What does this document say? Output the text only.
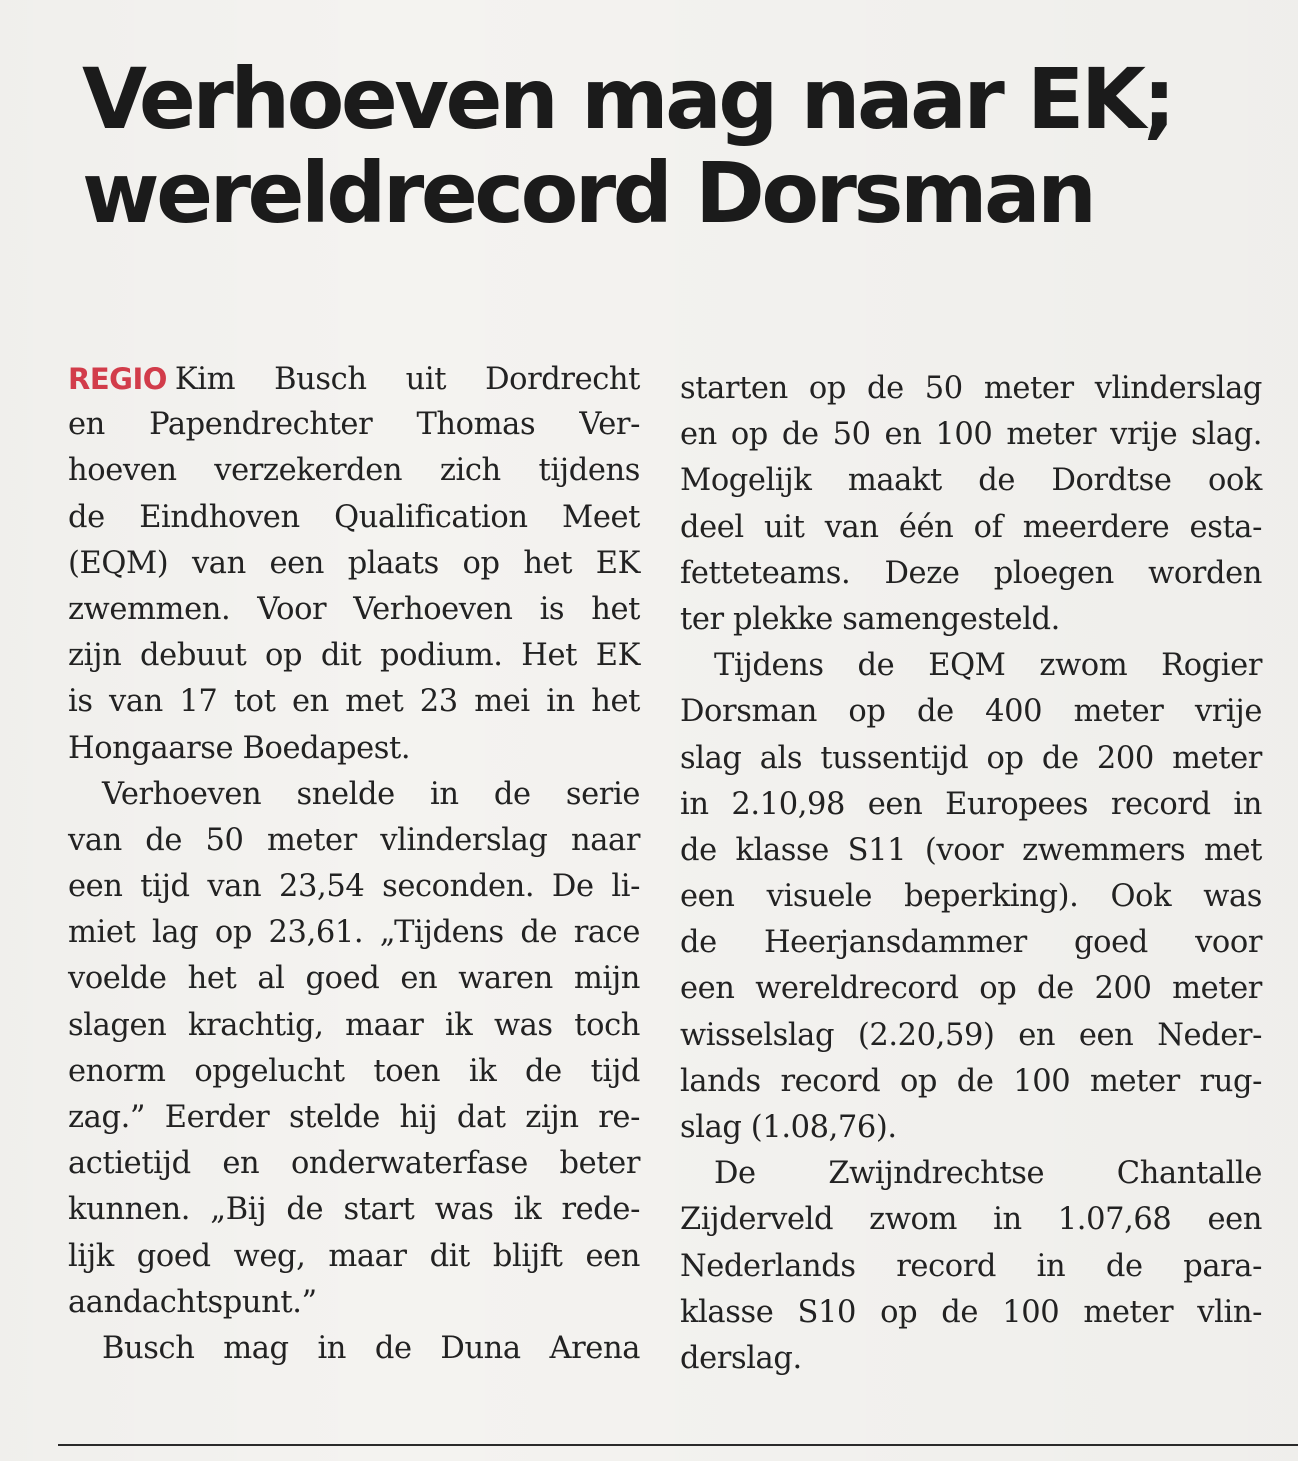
Verhoeven mag naar EK;
wereldrecord Dorsman
REGIO Kim Busch uit Dordrecht
en Papendrechter Thomas Ver-
hoeven verzekerden zich tijdens
de Eindhoven Qualification Meet
(EQM) van een plaats op het EK
zwemmen. Voor Verhoeven is het
zijn debuut op dit podium. Het EK
is van 17 tot en met 23 mei in het
Hongaarse Boedapest.
Verhoeven snelde in de serie
van de 50 meter vlinderslag naar
een tijd van 23,54 seconden. De li-
miet lag op 23,61. „Tijdens de race
voelde het al goed en waren mijn
slagen krachtig, maar ik was toch
enorm opgelucht toen ik de tijd
zag.” Eerder stelde hij dat zijn re-
actietijd en onderwaterfase beter
kunnen. „Bij de start was ik rede-
lijk goed weg, maar dit blijft een
aandachtspunt.”
Busch mag in de Duna Arena
starten op de 50 meter vlinderslag
en op de 50 en 100 meter vrije slag.
Mogelijk maakt de Dordtse ook
deel uit van één of meerdere esta-
fetteteams. Deze ploegen worden
ter plekke samengesteld.
Tijdens de EQM zwom Rogier
Dorsman op de 400 meter vrije
slag als tussentijd op de 200 meter
in 2.10,98 een Europees record in
de klasse S11 (voor zwemmers met
een visuele beperking). Ook was
de Heerjansdammer goed voor
een wereldrecord op de 200 meter
wisselslag (2.20,59) en een Neder-
lands record op de 100 meter rug-
slag (1.08,76).
De Zwijndrechtse Chantalle
Zijderveld zwom in 1.07,68 een
Nederlands record in de para-
klasse S10 op de 100 meter vlin-
derslag.
